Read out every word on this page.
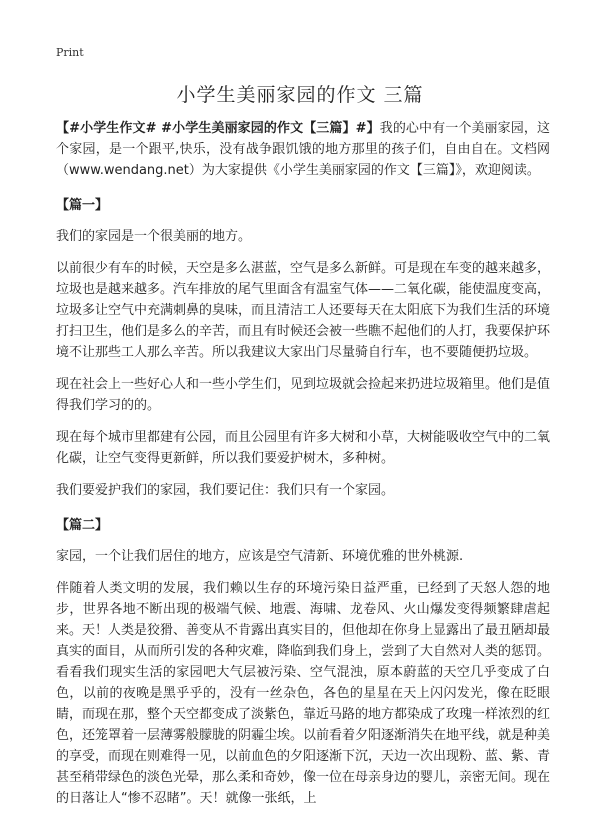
Print
小学生美丽家园的作文 三篇

【#小学生作文# #小学生美丽家园的作文【三篇】#】我的心中有一个美丽家园，这个家园，是一个跟平,快乐，没有战争跟饥饿的地方那里的孩子们，自由自在。文档网（www.wendang.net）为大家提供《小学生美丽家园的作文【三篇】》，欢迎阅读。

【篇一】

我们的家园是一个很美丽的地方。

以前很少有车的时候，天空是多么湛蓝，空气是多么新鲜。可是现在车变的越来越多，垃圾也是越来越多。汽车排放的尾气里面含有温室气体——二氧化碳，能使温度变高，垃圾多让空气中充满刺鼻的臭味，而且清洁工人还要每天在太阳底下为我们生活的环境打扫卫生，他们是多么的辛苦，而且有时候还会被一些瞧不起他们的人打，我要保护环境不让那些工人那么辛苦。所以我建议大家出门尽量骑自行车，也不要随便扔垃圾。

现在社会上一些好心人和一些小学生们，见到垃圾就会捡起来扔进垃圾箱里。他们是值得我们学习的的。

现在每个城市里都建有公园，而且公园里有许多大树和小草，大树能吸收空气中的二氧化碳，让空气变得更新鲜，所以我们要爱护树木，多种树。

我们要爱护我们的家园，我们要记住：我们只有一个家园。

【篇二】

家园，一个让我们居住的地方，应该是空气清新、环境优雅的世外桃源.

伴随着人类文明的发展，我们赖以生存的环境污染日益严重，已经到了天怒人怨的地步，世界各地不断出现的极端气候、地震、海啸、龙卷风、火山爆发变得频繁肆虐起来。天！人类是狡猾、善变从不肯露出真实目的，但他却在你身上显露出了最丑陋却最真实的面目，从而所引发的各种灾难，降临到我们身上，尝到了大自然对人类的惩罚。看看我们现实生活的家园吧大气层被污染、空气混浊，原本蔚蓝的天空几乎变成了白色，以前的夜晚是黑乎乎的，没有一丝杂色，各色的星星在天上闪闪发光，像在眨眼睛，而现在那，整个天空都变成了淡紫色，靠近马路的地方都染成了玫瑰一样浓烈的红色，还笼罩着一层薄雾般朦胧的阴霾尘埃。以前看着夕阳逐渐消失在地平线，就是种美的享受，而现在则难得一见，以前血色的夕阳逐渐下沉，天边一次出现粉、蓝、紫、青甚至稍带绿色的淡色光晕，那么柔和奇妙，像一位在母亲身边的婴儿，亲密无间。现在的日落让人“惨不忍睹”。天！就像一张纸，上
